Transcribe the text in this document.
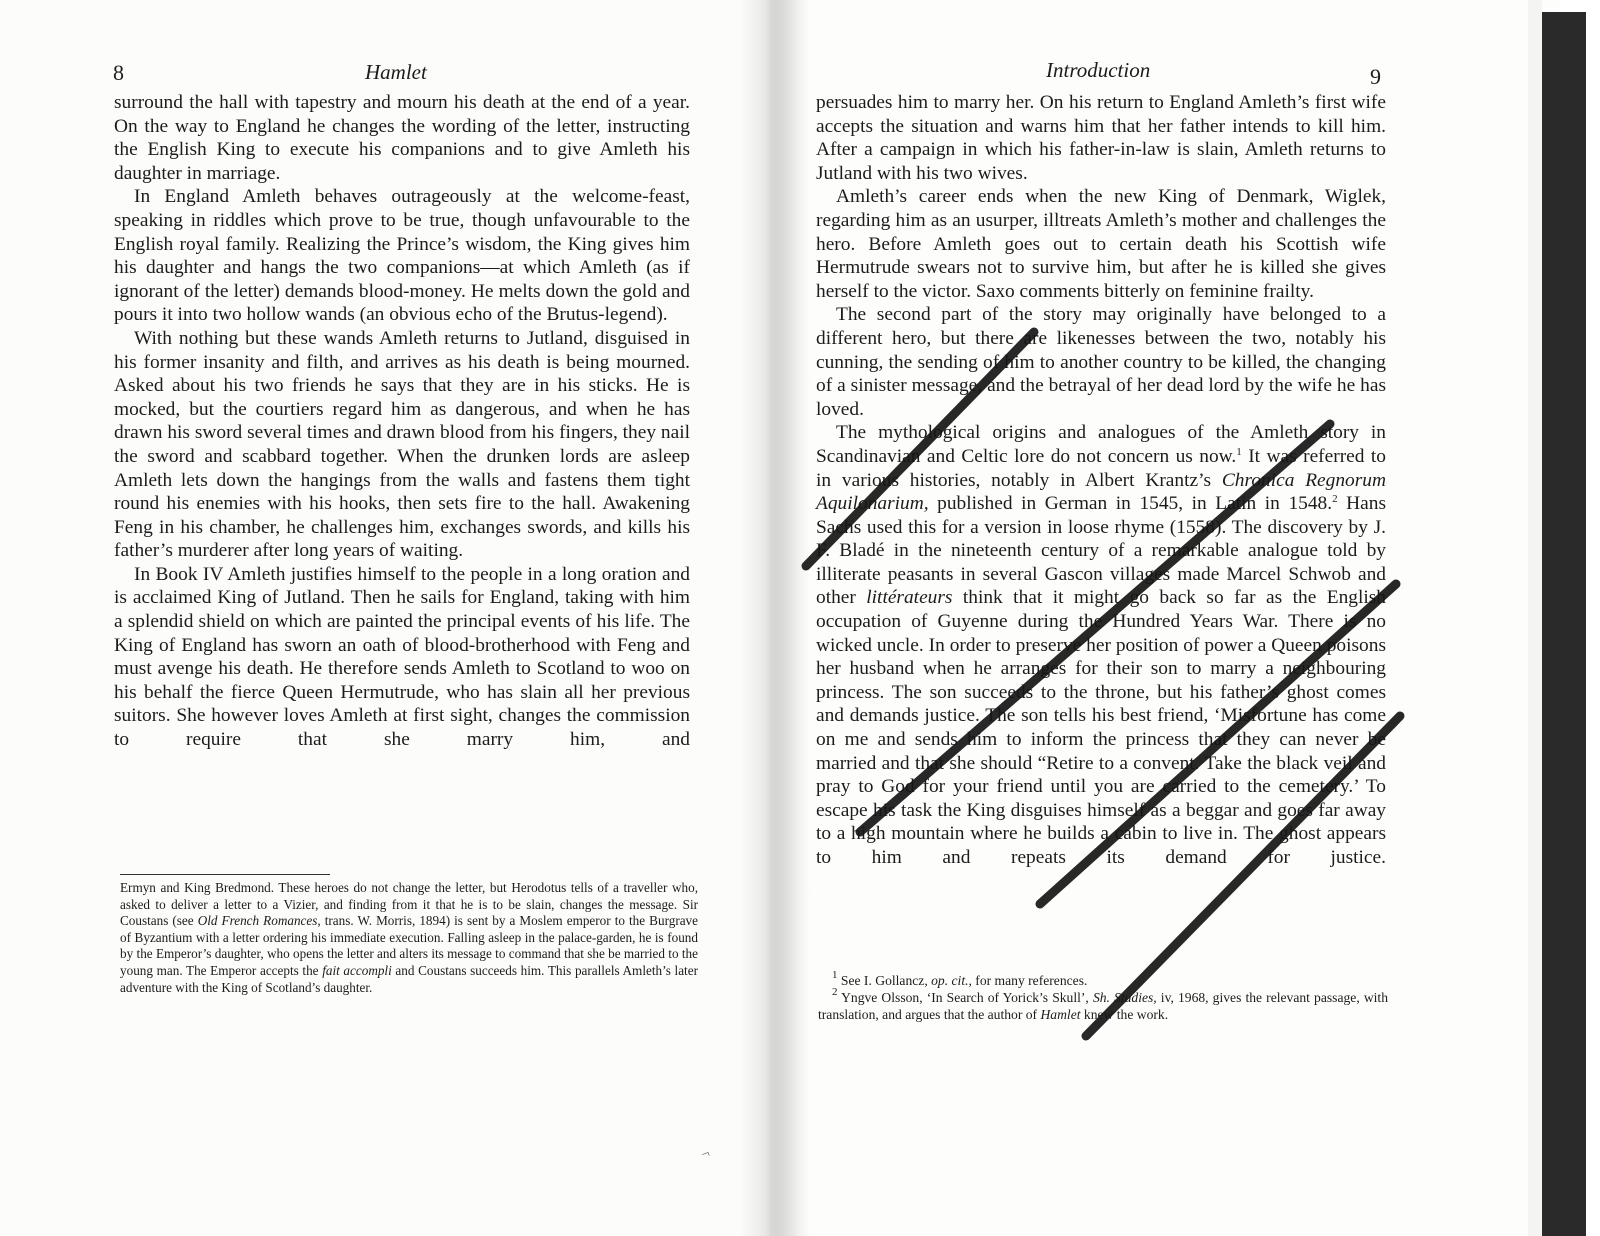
8	Hamlet

surround the hall with tapestry and mourn his death at the end of a year. On the way to England he changes the wording of the letter, instructing the English King to execute his companions and to give Amleth his daughter in marriage.

In England Amleth behaves outrageously at the welcome-feast, speaking in riddles which prove to be true, though unfavourable to the English royal family. Realizing the Prince’s wisdom, the King gives him his daughter and hangs the two companions—at which Amleth (as if ignorant of the letter) demands blood-money. He melts down the gold and pours it into two hollow wands (an obvious echo of the Brutus-legend).

With nothing but these wands Amleth returns to Jutland, disguised in his former insanity and filth, and arrives as his death is being mourned. Asked about his two friends he says that they are in his sticks. He is mocked, but the courtiers regard him as dangerous, and when he has drawn his sword several times and drawn blood from his fingers, they nail the sword and scabbard together. When the drunken lords are asleep Amleth lets down the hangings from the walls and fastens them tight round his enemies with his hooks, then sets fire to the hall. Awakening Feng in his chamber, he challenges him, exchanges swords, and kills his father’s murderer after long years of waiting.

In Book IV Amleth justifies himself to the people in a long oration and is acclaimed King of Jutland. Then he sails for England, taking with him a splendid shield on which are painted the principal events of his life. The King of England has sworn an oath of blood-brotherhood with Feng and must avenge his death. He therefore sends Amleth to Scotland to woo on his behalf the fierce Queen Hermutrude, who has slain all her previous suitors. She however loves Amleth at first sight, changes the commission to require that she marry him, and

Ermyn and King Bredmond. These heroes do not change the letter, but Herodotus tells of a traveller who, asked to deliver a letter to a Vizier, and finding from it that he is to be slain, changes the message. Sir Coustans (see Old French Romances, trans. W. Morris, 1894) is sent by a Moslem emperor to the Burgrave of Byzantium with a letter ordering his immediate execution. Falling asleep in the palace-garden, he is found by the Emperor’s daughter, who opens the letter and alters its message to command that she be married to the young man. The Emperor accepts the fait accompli and Coustans succeeds him. This parallels Amleth’s later adventure with the King of Scotland’s daughter.

¬
Introduction	9

persuades him to marry her. On his return to England Amleth’s first wife accepts the situation and warns him that her father intends to kill him. After a campaign in which his father-in-law is slain, Amleth returns to Jutland with his two wives.

Amleth’s career ends when the new King of Denmark, Wiglek, regarding him as an usurper, illtreats Amleth’s mother and challenges the hero. Before Amleth goes out to certain death his Scottish wife Hermutrude swears not to survive him, but after he is killed she gives herself to the victor. Saxo comments bitterly on feminine frailty.

The second part of the story may originally have belonged to a different hero, but there are likenesses between the two, notably his cunning, the sending of him to another country to be killed, the changing of a sinister message, and the betrayal of her dead lord by the wife he has loved.

The mythological origins and analogues of the Amleth story in Scandinavian and Celtic lore do not concern us now.$^1$ It was referred to in various histories, notably in Albert Krantz’s Chronica Regnorum Aquilonarium, published in German in 1545, in Latin in 1548.$^2$ Hans Sachs used this for a version in loose rhyme (1558). The discovery by J. F. Bladé in the nineteenth century of a remarkable analogue told by illiterate peasants in several Gascon villages made Marcel Schwob and other littérateurs think that it might go back so far as the English occupation of Guyenne during the Hundred Years War. There is no wicked uncle. In order to preserve her position of power a Queen poisons her husband when he arranges for their son to marry a neighbouring princess. The son succeeds to the throne, but his father’s ghost comes and demands justice. The son tells his best friend, ‘Misfortune has come on me and sends him to inform the princess that they can never be married and that she should “Retire to a convent. Take the black veil and pray to God for your friend until you are carried to the cemetery.’ To escape his task the King disguises himself as a beggar and goes far away to a high mountain where he builds a cabin to live in. The ghost appears to him and repeats its demand for justice.

$^1$ See I. Gollancz, op. cit., for many references.

$^2$ Yngve Olsson, ‘In Search of Yorick’s Skull’, Sh. Studies, iv, 1968, gives the relevant passage, with translation, and argues that the author of Hamlet knew the work.
